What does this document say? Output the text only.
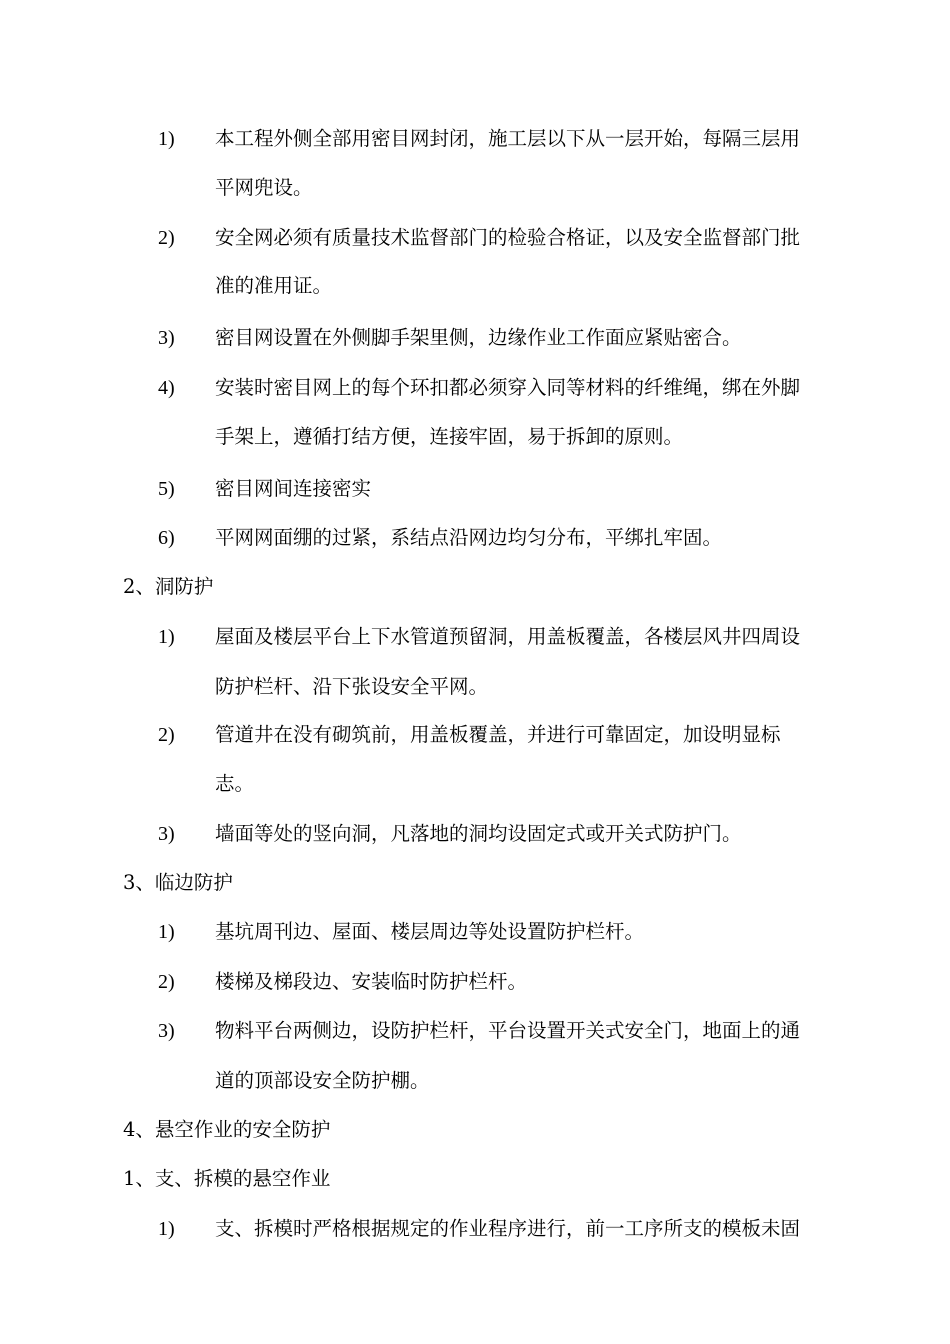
1) 本工程外侧全部用密目网封闭，施工层以下从一层开始，每隔三层用
平网兜设。
2) 安全网必须有质量技术监督部门的检验合格证，以及安全监督部门批
准的准用证。
3) 密目网设置在外侧脚手架里侧，边缘作业工作面应紧贴密合。
4) 安装时密目网上的每个环扣都必须穿入同等材料的纤维绳，绑在外脚
手架上，遵循打结方便，连接牢固，易于拆卸的原则。
5) 密目网间连接密实
6) 平网网面绷的过紧，系结点沿网边均匀分布，平绑扎牢固。
2、洞防护
1) 屋面及楼层平台上下水管道预留洞，用盖板覆盖，各楼层风井四周设
防护栏杆、沿下张设安全平网。
2) 管道井在没有砌筑前，用盖板覆盖，并进行可靠固定，加设明显标
志。
3) 墙面等处的竖向洞，凡落地的洞均设固定式或开关式防护门。
3、临边防护
1) 基坑周刊边、屋面、楼层周边等处设置防护栏杆。
2) 楼梯及梯段边、安装临时防护栏杆。
3) 物料平台两侧边，设防护栏杆，平台设置开关式安全门，地面上的通
道的顶部设安全防护棚。
4、悬空作业的安全防护
1、支、拆模的悬空作业
1) 支、拆模时严格根据规定的作业程序进行，前一工序所支的模板未固
